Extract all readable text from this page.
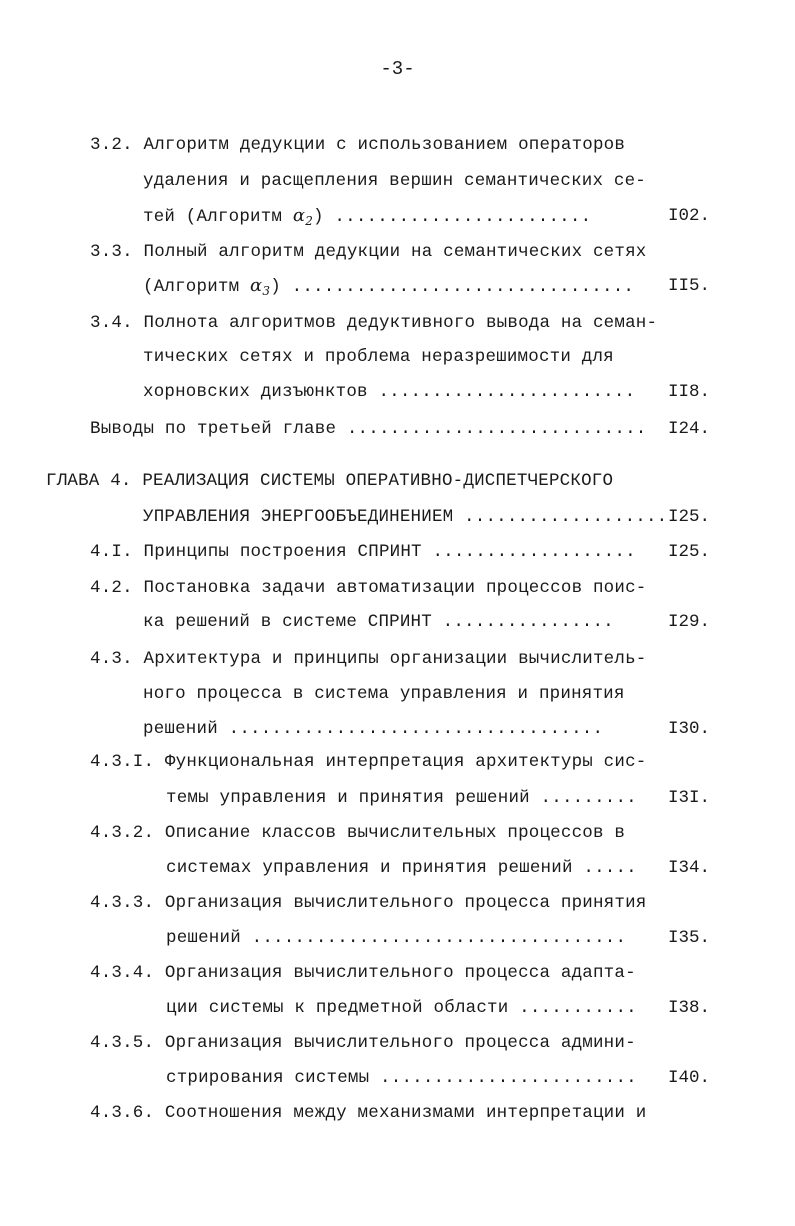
-3-
3.2. Алгоритм дедукции с использованием операторов
удаления и расщепления вершин семантических се-
тей (Алгоритм $\alpha_2$) ........................	I02.
3.3. Полный алгоритм дедукции на семантических сетях
(Алгоритм $\alpha_3$) ................................ II5.
3.4. Полнота алгоритмов дедуктивного вывода на семан-
тических сетях и проблема неразрешимости для
хорновских дизъюнктов ........................ II8.
Выводы по третьей главе ............................ I24.
ГЛАВА 4. РЕАЛИЗАЦИЯ СИСТЕМЫ ОПЕРАТИВНО-ДИСПЕТЧЕРСКОГО
УПРАВЛЕНИЯ ЭНЕРГООБЪЕДИНЕНИЕМ ................... I25.
4.I. Принципы построения СПРИНТ ................... I25.
4.2. Постановка задачи автоматизации процессов поис-
ка решений в системе СПРИНТ ................	I29.
4.3. Архитектура и принципы организации вычислитель-
ного процесса в система управления и принятия
решений ...................................	I30.
4.3.I. Функциональная интерпретация архитектуры сис-
темы управления и принятия решений ......... I3I.
4.3.2. Описание классов вычислительных процессов в
системах управления и принятия решений ..... I34.
4.3.3. Организация вычислительного процесса принятия
решений ................................... I35.
4.3.4. Организация вычислительного процесса адапта-
ции системы к предметной области ........... I38.
4.3.5. Организация вычислительного процесса админи-
стрирования системы ........................ I40.
4.3.6. Соотношения между механизмами интерпретации и
